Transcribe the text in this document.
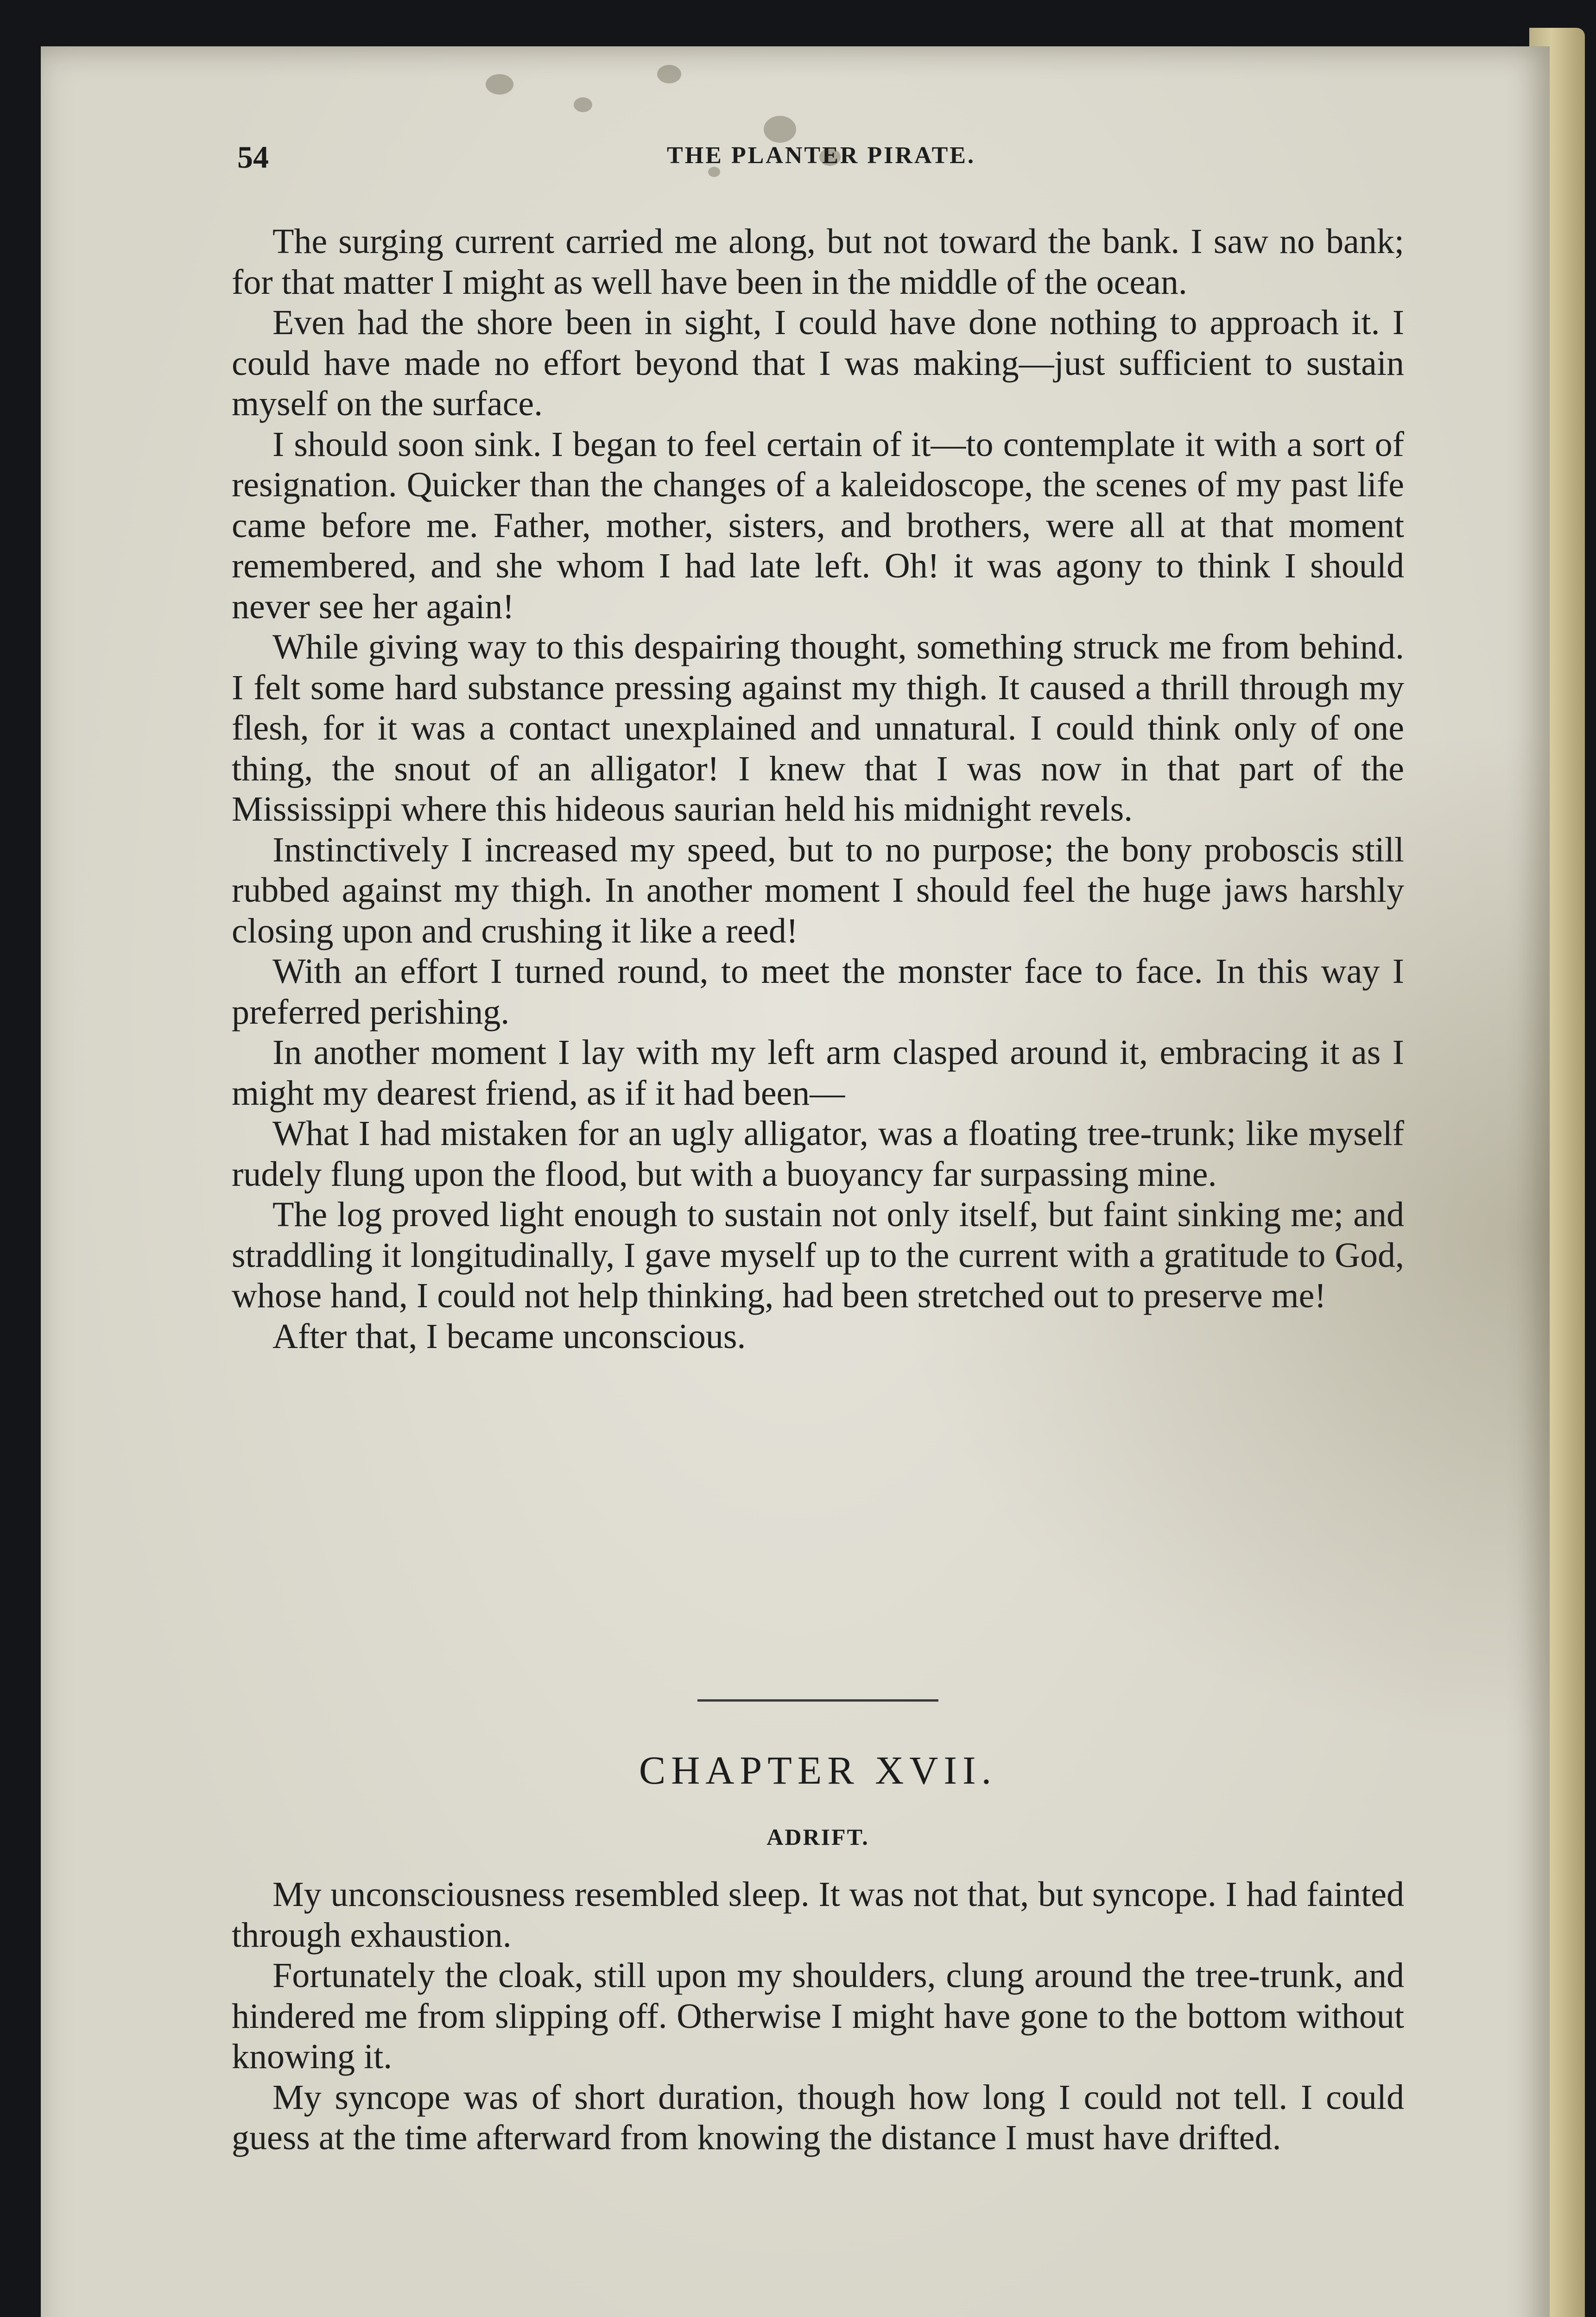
54	THE PLANTER PIRATE.

The surging current carried me along, but not toward the bank. I saw no bank; for that matter I might as well have been in the middle of the ocean.

Even had the shore been in sight, I could have done nothing to approach it. I could have made no effort beyond that I was making—just sufficient to sustain myself on the surface.

I should soon sink. I began to feel certain of it—to contemplate it with a sort of resignation. Quicker than the changes of a kaleidoscope, the scenes of my past life came before me. Father, mother, sisters, and brothers, were all at that moment remembered, and she whom I had late left. Oh! it was agony to think I should never see her again!

While giving way to this despairing thought, something struck me from behind. I felt some hard substance pressing against my thigh. It caused a thrill through my flesh, for it was a contact unexplained and unnatural. I could think only of one thing, the snout of an alligator! I knew that I was now in that part of the Mississippi where this hideous saurian held his midnight revels.

Instinctively I increased my speed, but to no purpose; the bony proboscis still rubbed against my thigh. In another moment I should feel the huge jaws harshly closing upon and crushing it like a reed!

With an effort I turned round, to meet the monster face to face. In this way I preferred perishing.

In another moment I lay with my left arm clasped around it, embracing it as I might my dearest friend, as if it had been—

What I had mistaken for an ugly alligator, was a floating tree-trunk; like myself rudely flung upon the flood, but with a buoyancy far surpassing mine.

The log proved light enough to sustain not only itself, but faint sinking me; and straddling it longitudinally, I gave myself up to the current with a gratitude to God, whose hand, I could not help thinking, had been stretched out to preserve me!

After that, I became unconscious.

CHAPTER XVII.
ADRIFT.

My unconsciousness resembled sleep. It was not that, but syncope. I had fainted through exhaustion.

Fortunately the cloak, still upon my shoulders, clung around the tree-trunk, and hindered me from slipping off. Otherwise I might have gone to the bottom without knowing it.

My syncope was of short duration, though how long I could not tell. I could guess at the time afterward from knowing the distance I must have drifted.
